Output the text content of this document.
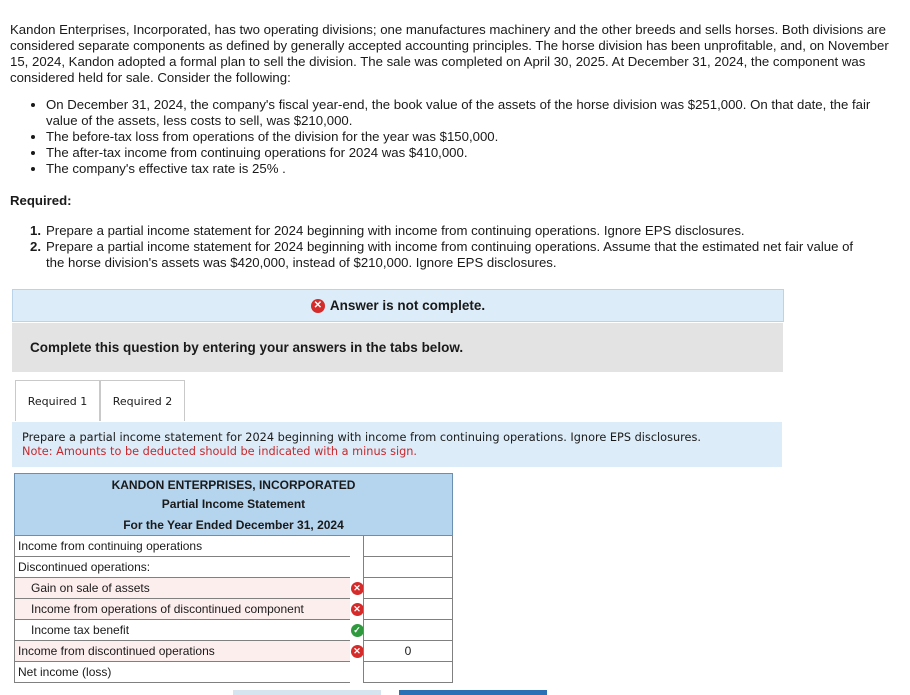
Kandon Enterprises, Incorporated, has two operating divisions; one manufactures machinery and the other breeds and sells horses. Both divisions are considered separate components as defined by generally accepted accounting principles. The horse division has been unprofitable, and, on November 15, 2024, Kandon adopted a formal plan to sell the division. The sale was completed on April 30, 2025. At December 31, 2024, the component was considered held for sale. Consider the following:
• On December 31, 2024, the company's fiscal year-end, the book value of the assets of the horse division was $251,000. On that date, the fair value of the assets, less costs to sell, was $210,000.
• The before-tax loss from operations of the division for the year was $150,000.
• The after-tax income from continuing operations for 2024 was $410,000.
• The company's effective tax rate is 25% .
Required:
1. Prepare a partial income statement for 2024 beginning with income from continuing operations. Ignore EPS disclosures.
2. Prepare a partial income statement for 2024 beginning with income from continuing operations. Assume that the estimated net fair value of the horse division's assets was $420,000, instead of $210,000. Ignore EPS disclosures.
✕ Answer is not complete.
Complete this question by entering your answers in the tabs below.
Required 1	Required 2
Prepare a partial income statement for 2024 beginning with income from continuing operations. Ignore EPS disclosures.
Note: Amounts to be deducted should be indicated with a minus sign.
KANDON ENTERPRISES, INCORPORATED
Partial Income Statement
For the Year Ended December 31, 2024
Income from continuing operations
Discontinued operations:
Gain on sale of assets	✕
Income from operations of discontinued component	✕
Income tax benefit	✓
Income from discontinued operations	✕	0
Net income (loss)
